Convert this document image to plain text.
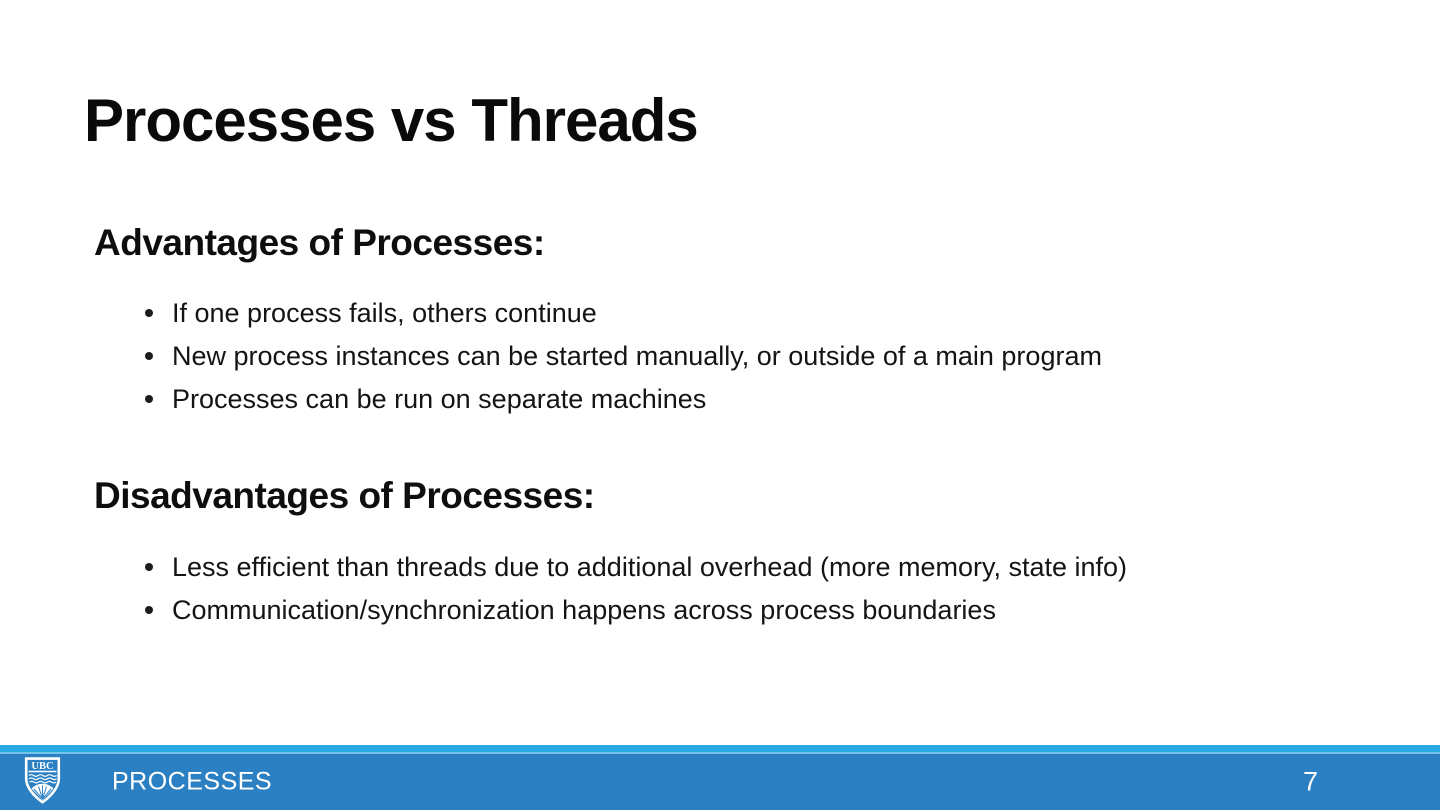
Processes vs Threads
Advantages of Processes:
If one process fails, others continue
New process instances can be started manually, or outside of a main program
Processes can be run on separate machines
Disadvantages of Processes:
Less efficient than threads due to additional overhead (more memory, state info)
Communication/synchronization happens across process boundaries
UBC
PROCESSES	7
